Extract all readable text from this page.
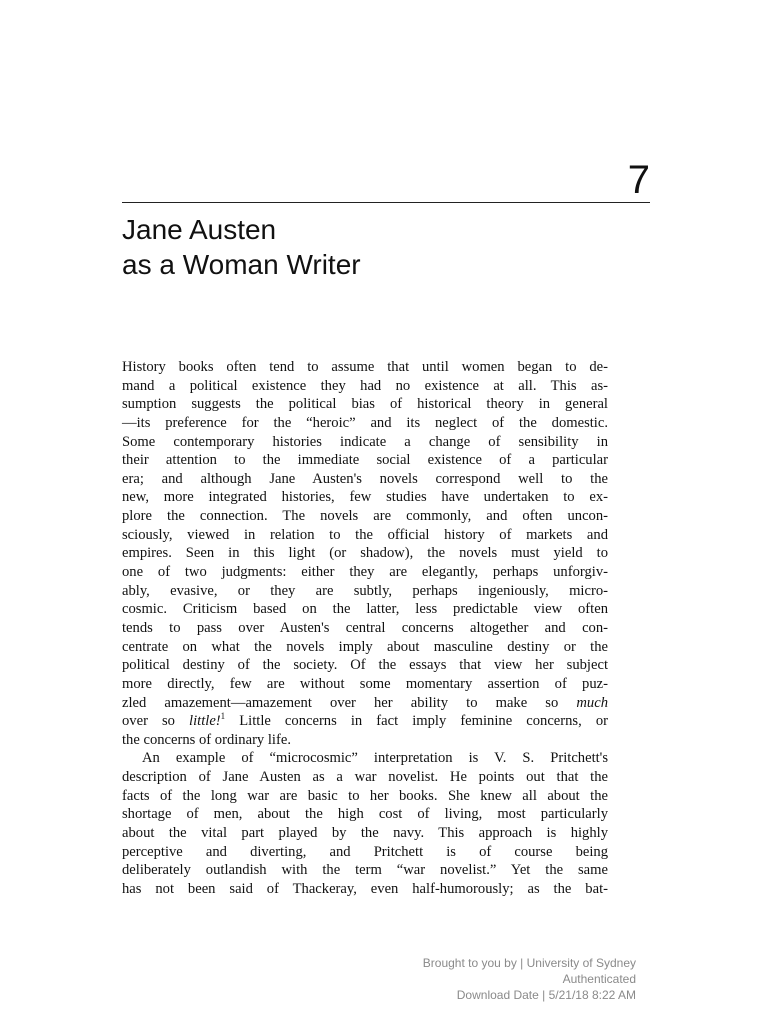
7
Jane Austen
as a Woman Writer
History books often tend to assume that until women began to de-
mand a political existence they had no existence at all. This as-
sumption suggests the political bias of historical theory in general
—its preference for the “heroic” and its neglect of the domestic.
Some contemporary histories indicate a change of sensibility in
their attention to the immediate social existence of a particular
era; and although Jane Austen's novels correspond well to the
new, more integrated histories, few studies have undertaken to ex-
plore the connection. The novels are commonly, and often uncon-
sciously, viewed in relation to the official history of markets and
empires. Seen in this light (or shadow), the novels must yield to
one of two judgments: either they are elegantly, perhaps unforgiv-
ably, evasive, or they are subtly, perhaps ingeniously, micro-
cosmic. Criticism based on the latter, less predictable view often
tends to pass over Austen's central concerns altogether and con-
centrate on what the novels imply about masculine destiny or the
political destiny of the society. Of the essays that view her subject
more directly, few are without some momentary assertion of puz-
zled amazement—amazement over her ability to make so much
over so little!$^1$ Little concerns in fact imply feminine concerns, or
the concerns of ordinary life.
An example of “microcosmic” interpretation is V. S. Pritchett's
description of Jane Austen as a war novelist. He points out that the
facts of the long war are basic to her books. She knew all about the
shortage of men, about the high cost of living, most particularly
about the vital part played by the navy. This approach is highly
perceptive and diverting, and Pritchett is of course being
deliberately outlandish with the term “war novelist.” Yet the same
has not been said of Thackeray, even half-humorously; as the bat-
Brought to you by | University of Sydney
Authenticated
Download Date | 5/21/18 8:22 AM
